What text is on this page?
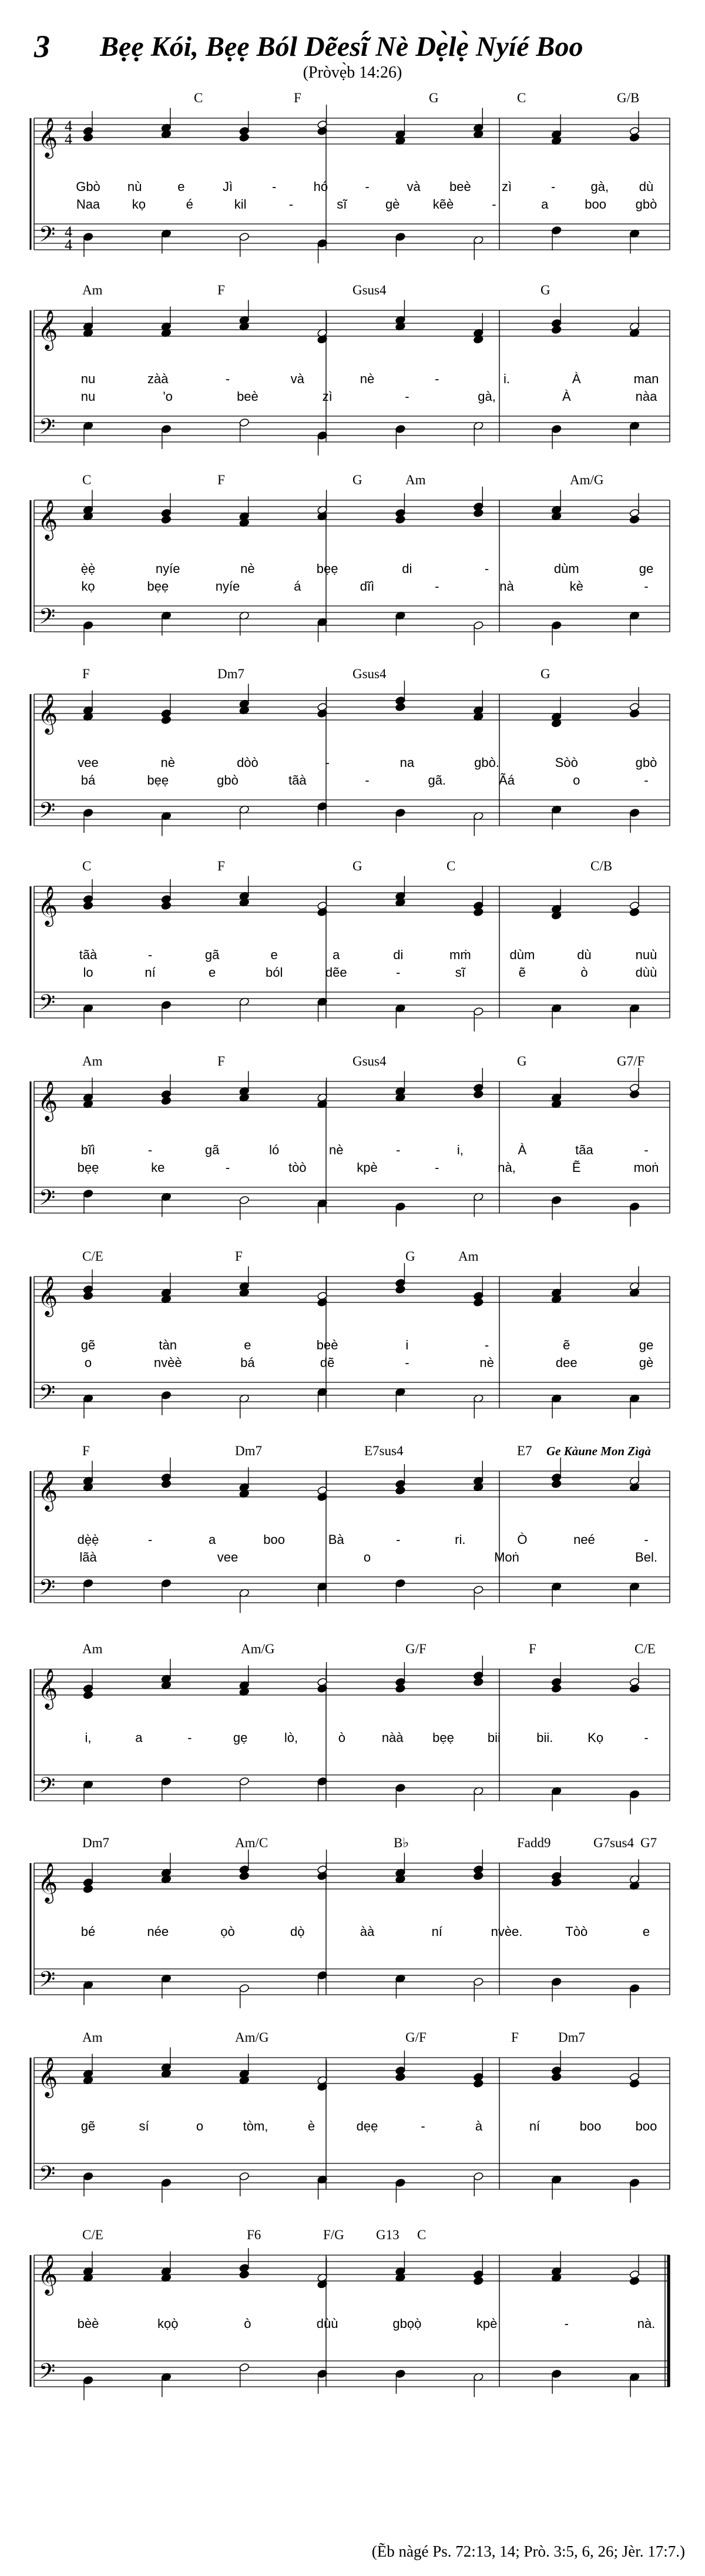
3 Bẹẹ Kói, Bẹẹ Ból Dẽesĩ́ Nè Dẹ̀lẹ̀ Nyíé Boo
(Pròvẹ̀b 14:26)
𝄞
𝄢
4
4
4
4
C	F	G	C	G/B
Gbò nù	e	Jì	-	hó	-	và beè zì	-	gà, dù
Naa kọ	é	kil	-	sĩ	gè	kẽè	-	a	boo gbò
𝄞
𝄢
Am	F	Gsus4	G
nu	zàà	-	và	nè	-	i.	À	man
nu	'o	beè	zì	-	gà,	À	nàa
𝄞
𝄢
C	F	G	Am	Am/G
ẹ̀ẹ̀	nyíe	nè	bẹẹ	di	-	dùm	ge
kọ	bẹẹ	nyíe	á	dĩì	-	nà	kè	-
𝄞
𝄢
F	Dm7	Gsus4	G
vee	nè	dòò	-	na	gbò.	Sòò	gbò
bá	bẹẹ	gbò	tãà	-	gã.	Ãá	o	-
𝄞
𝄢
C	F	G	C	C/B
tãà	-	gã	e	a	di	mṁ	dùm	dù	nuù
lo	ní	e	ból	dẽe	-	sĩ	ẽ	ò	dùù
𝄞
𝄢
Am	F	Gsus4	G	G7/F
bĩì	-	gã	ló	nè	-	i,	À	tãa	-
bẹẹ	ke	-	tòò	kpè	-	nà,	Ẽ	moṅ
𝄞
𝄢
C/E	F	G	Am
gẽ	tàn	e	beè	i	-	ẽ	ge
o	nvèè	bá	dẽ	-	nè	dee	gè
𝄞
𝄢
F	Dm7	E7sus4	E7
dẹ̀ẹ̀	-	a	boo	Bà	-	ri.	Ò	neé	-
lãà	vee	o	Moṅ	Bel.
Ge Kàune Mon Zìgà
𝄞
𝄢
Am	Am/G	G/F	F	C/E
i,	a	-	gẹ	lò,	ò	nàà bẹẹ	bii	bii.	Kọ	-
𝄞
𝄢
Dm7	Am/C	B♭	Fadd9	G7sus4 G7
bé	née	ọò	dọ̀	àà	ní	nvèe.	Tòò	e
𝄞
𝄢
Am	Am/G	G/F	F	Dm7
gẽ	sí	o	tòm,	è	dẹẹ	-	à	ní	boo	boo
𝄞
𝄢
C/E	F6	F/G G13 C
bèè	kọọ̀	ò	dùù	gbọọ̀	kpè	-	nà.
(Ẽb nàgé Ps. 72:13, 14; Prò. 3:5, 6, 26; Jèr. 17:7.)
